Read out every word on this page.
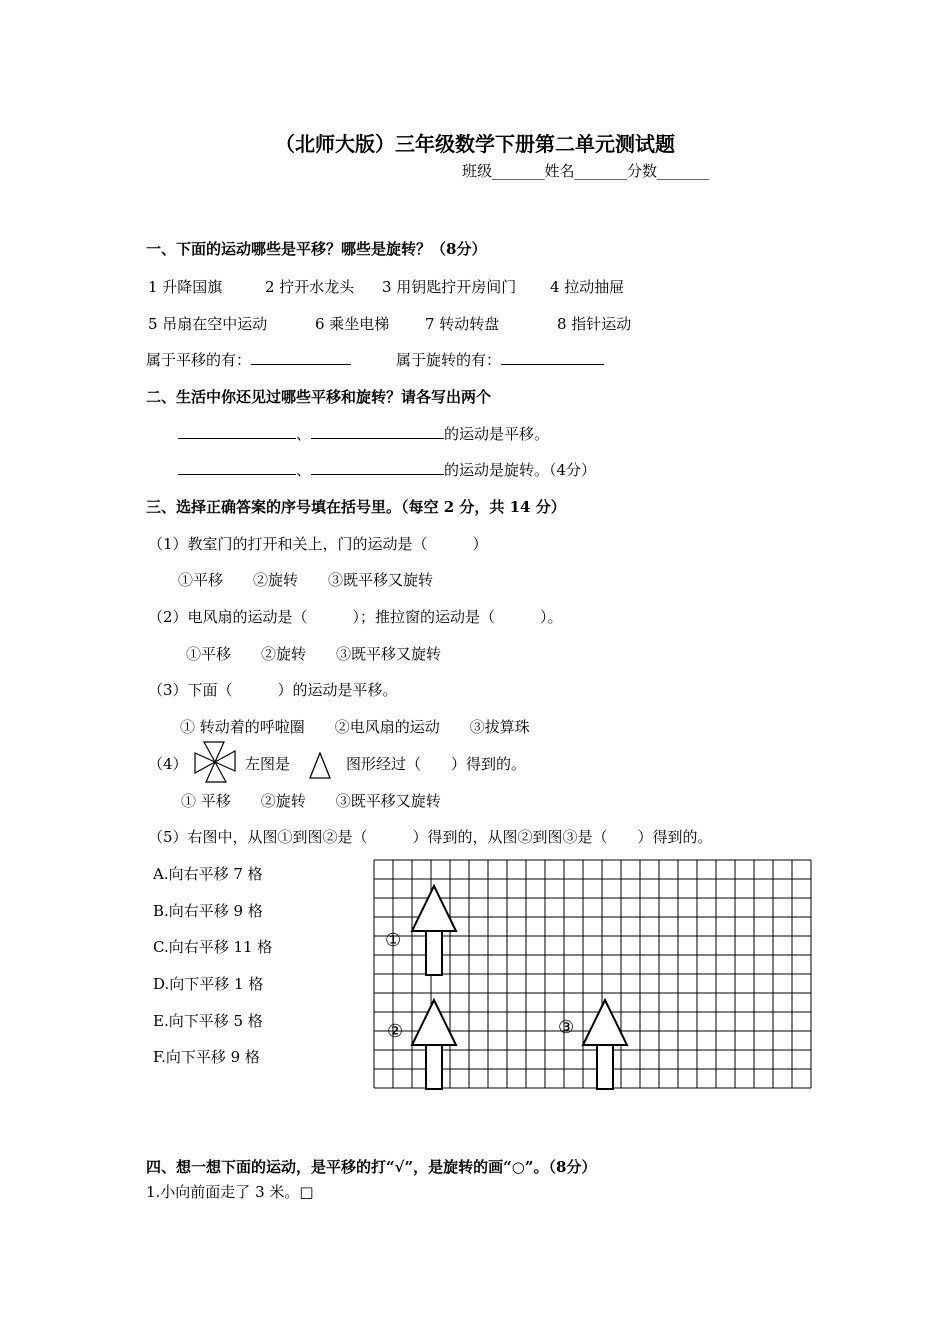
（北师大版）三年级数学下册第二单元测试题
班级_______姓名_______分数_______
一、下面的运动哪些是平移？哪些是旋转？（8分）
1 升降国旗	2 拧开水龙头 3 用钥匙拧开房间门 4 拉动抽屉
5 吊扇在空中运动	6 乘坐电梯 7 转动转盘	8 指针运动
属于平移的有：	属于旋转的有：
二、生活中你还见过哪些平移和旋转？请各写出两个
、	的运动是平移。
、	的运动是旋转。（4分）
三、选择正确答案的序号填在括号里。（每空 2 分，共 14 分）
（1）教室门的打开和关上，门的运动是（　　　）
①平移　　②旋转　　③既平移又旋转
（2）电风扇的运动是（　　　）；推拉窗的运动是（　　　）。
①平移　　②旋转　　③既平移又旋转
（3）下面（　　　）的运动是平移。
① 转动着的呼啦圈　　②电风扇的运动　　③拔算珠
（4）	左图是	图形经过（　　）得到的。
① 平移　　②旋转　　③既平移又旋转
（5）右图中，从图①到图②是（　　　）得到的，从图②到图③是（　　）得到的。
A.向右平移 7 格
B.向右平移 9 格
C.向右平移 11 格
D.向下平移 1 格
E.向下平移 5 格
F.向下平移 9 格
①
②	③
四、想一想下面的运动，是平移的打“√”，是旋转的画“○”。（8分）
1.小向前面走了 3 米。□
